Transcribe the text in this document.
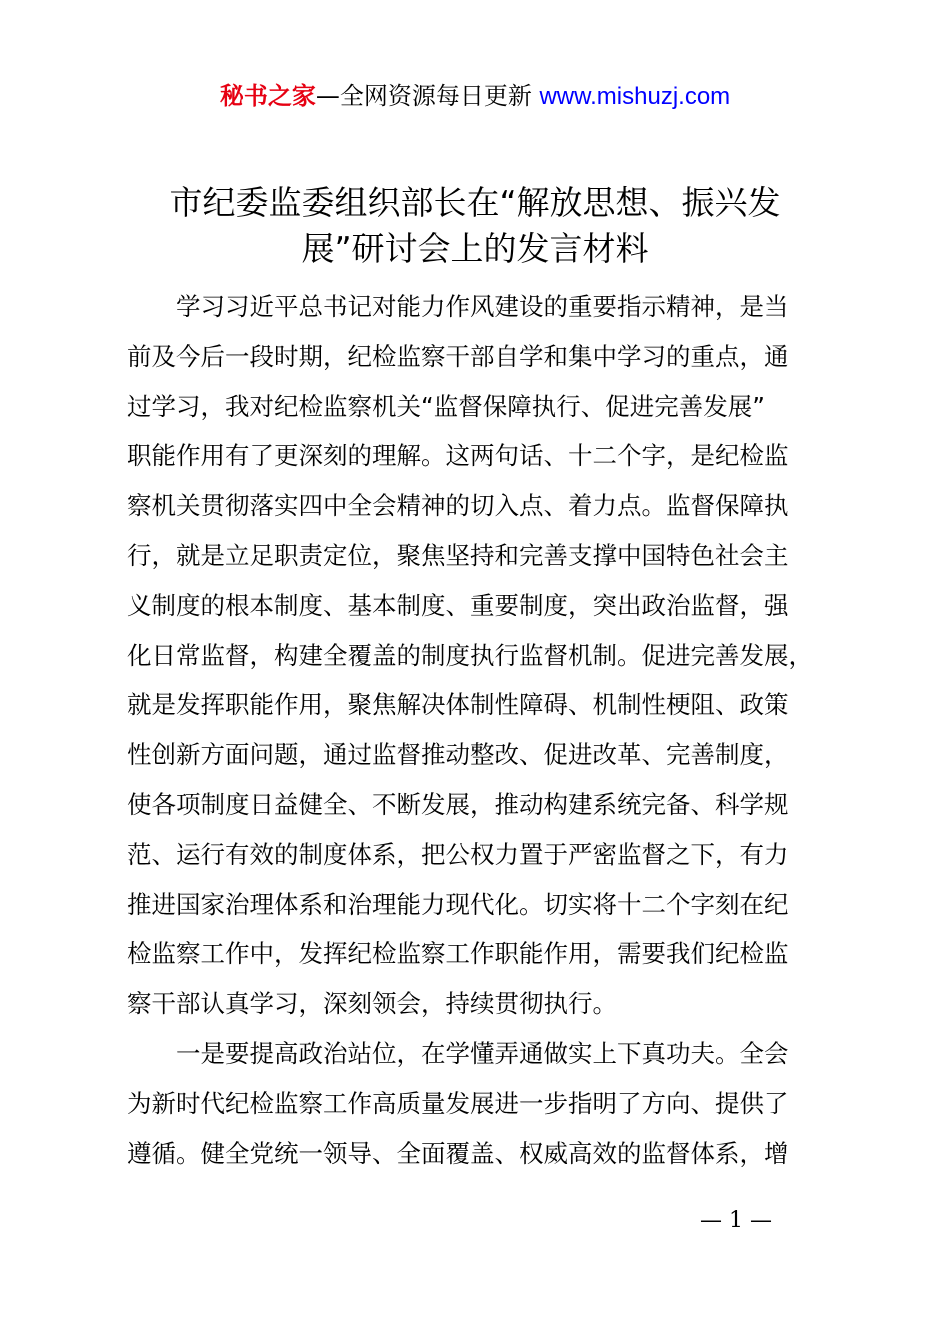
秘书之家—全网资源每日更新 www.mishuzj.com
市纪委监委组织部长在“解放思想、振兴发
展”研讨会上的发言材料
　　学习习近平总书记对能力作风建设的重要指示精神，是当
前及今后一段时期，纪检监察干部自学和集中学习的重点，通
过学习，我对纪检监察机关“监督保障执行、促进完善发展”
职能作用有了更深刻的理解。这两句话、十二个字，是纪检监
察机关贯彻落实四中全会精神的切入点、着力点。监督保障执
行，就是立足职责定位，聚焦坚持和完善支撑中国特色社会主
义制度的根本制度、基本制度、重要制度，突出政治监督，强
化日常监督，构建全覆盖的制度执行监督机制。促进完善发展，
就是发挥职能作用，聚焦解决体制性障碍、机制性梗阻、政策
性创新方面问题，通过监督推动整改、促进改革、完善制度，
使各项制度日益健全、不断发展，推动构建系统完备、科学规
范、运行有效的制度体系，把公权力置于严密监督之下，有力
推进国家治理体系和治理能力现代化。切实将十二个字刻在纪
检监察工作中，发挥纪检监察工作职能作用，需要我们纪检监
察干部认真学习，深刻领会，持续贯彻执行。
　　一是要提高政治站位，在学懂弄通做实上下真功夫。全会
为新时代纪检监察工作高质量发展进一步指明了方向、提供了
遵循。健全党统一领导、全面覆盖、权威高效的监督体系，增
— 1 —
